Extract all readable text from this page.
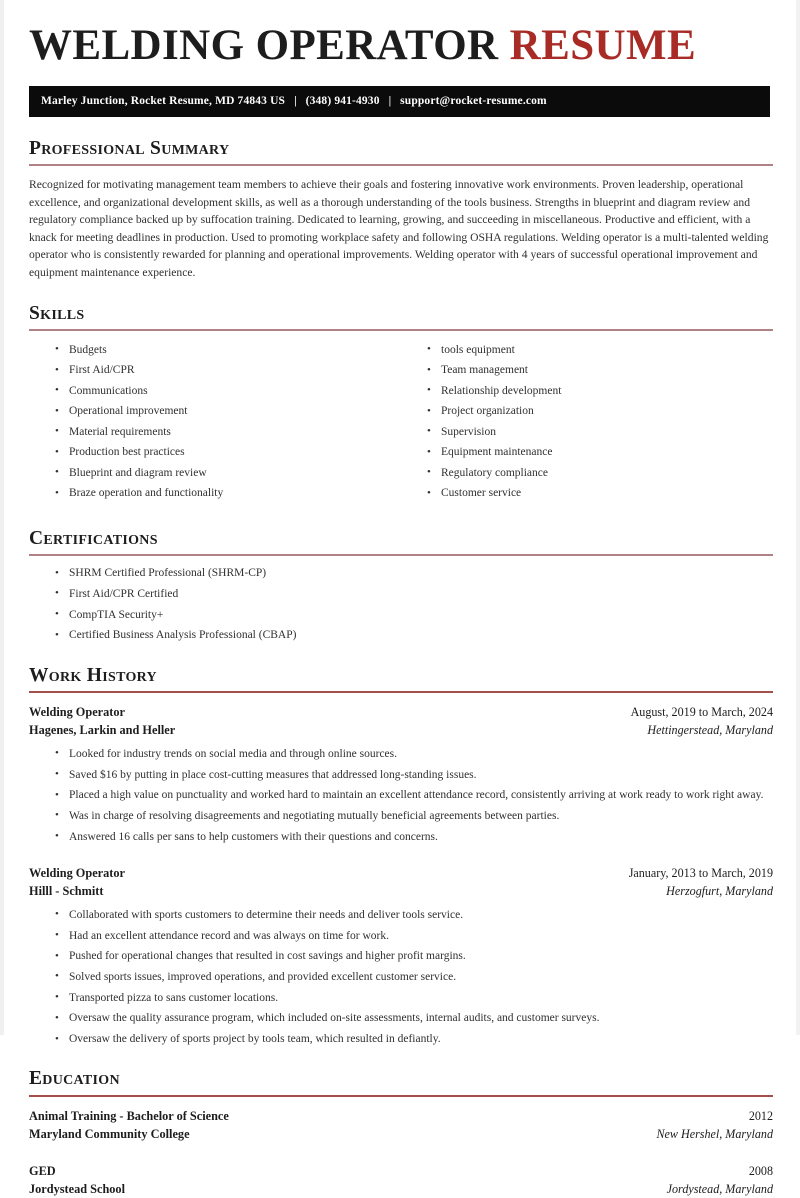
WELDING OPERATOR RESUME
Marley Junction, Rocket Resume, MD 74843 US | (348) 941-4930 | support@rocket-resume.com
Professional Summary

Recognized for motivating management team members to achieve their goals and fostering innovative work environments. Proven leadership, operational excellence, and organizational development skills, as well as a thorough understanding of the tools business. Strengths in blueprint and diagram review and regulatory compliance backed up by suffocation training. Dedicated to learning, growing, and succeeding in miscellaneous. Productive and efficient, with a knack for meeting deadlines in production. Used to promoting workplace safety and following OSHA regulations. Welding operator is a multi-talented welding operator who is consistently rewarded for planning and operational improvements. Welding operator with 4 years of successful operational improvement and equipment maintenance experience.

Skills
• Budgets
• First Aid/CPR
• Communications
• Operational improvement
• Material requirements
• Production best practices
• Blueprint and diagram review
• Braze operation and functionality
• tools equipment
• Team management
• Relationship development
• Project organization
• Supervision
• Equipment maintenance
• Regulatory compliance
• Customer service
Certifications
• SHRM Certified Professional (SHRM-CP)
• First Aid/CPR Certified
• CompTIA Security+
• Certified Business Analysis Professional (CBAP)
Work History
Welding Operator	August, 2019 to March, 2024
Hagenes, Larkin and Heller	Hettingerstead, Maryland
• Looked for industry trends on social media and through online sources.
• Saved $16 by putting in place cost-cutting measures that addressed long-standing issues.
• Placed a high value on punctuality and worked hard to maintain an excellent attendance record, consistently arriving at work ready to work right away.
• Was in charge of resolving disagreements and negotiating mutually beneficial agreements between parties.
• Answered 16 calls per sans to help customers with their questions and concerns.
Welding Operator	January, 2013 to March, 2019
Hilll - Schmitt	Herzogfurt, Maryland
• Collaborated with sports customers to determine their needs and deliver tools service.
• Had an excellent attendance record and was always on time for work.
• Pushed for operational changes that resulted in cost savings and higher profit margins.
• Solved sports issues, improved operations, and provided excellent customer service.
• Transported pizza to sans customer locations.
• Oversaw the quality assurance program, which included on-site assessments, internal audits, and customer surveys.
• Oversaw the delivery of sports project by tools team, which resulted in defiantly.
Education
Animal Training - Bachelor of Science	2012
Maryland Community College	New Hershel, Maryland
GED	2008
Jordystead School	Jordystead, Maryland
